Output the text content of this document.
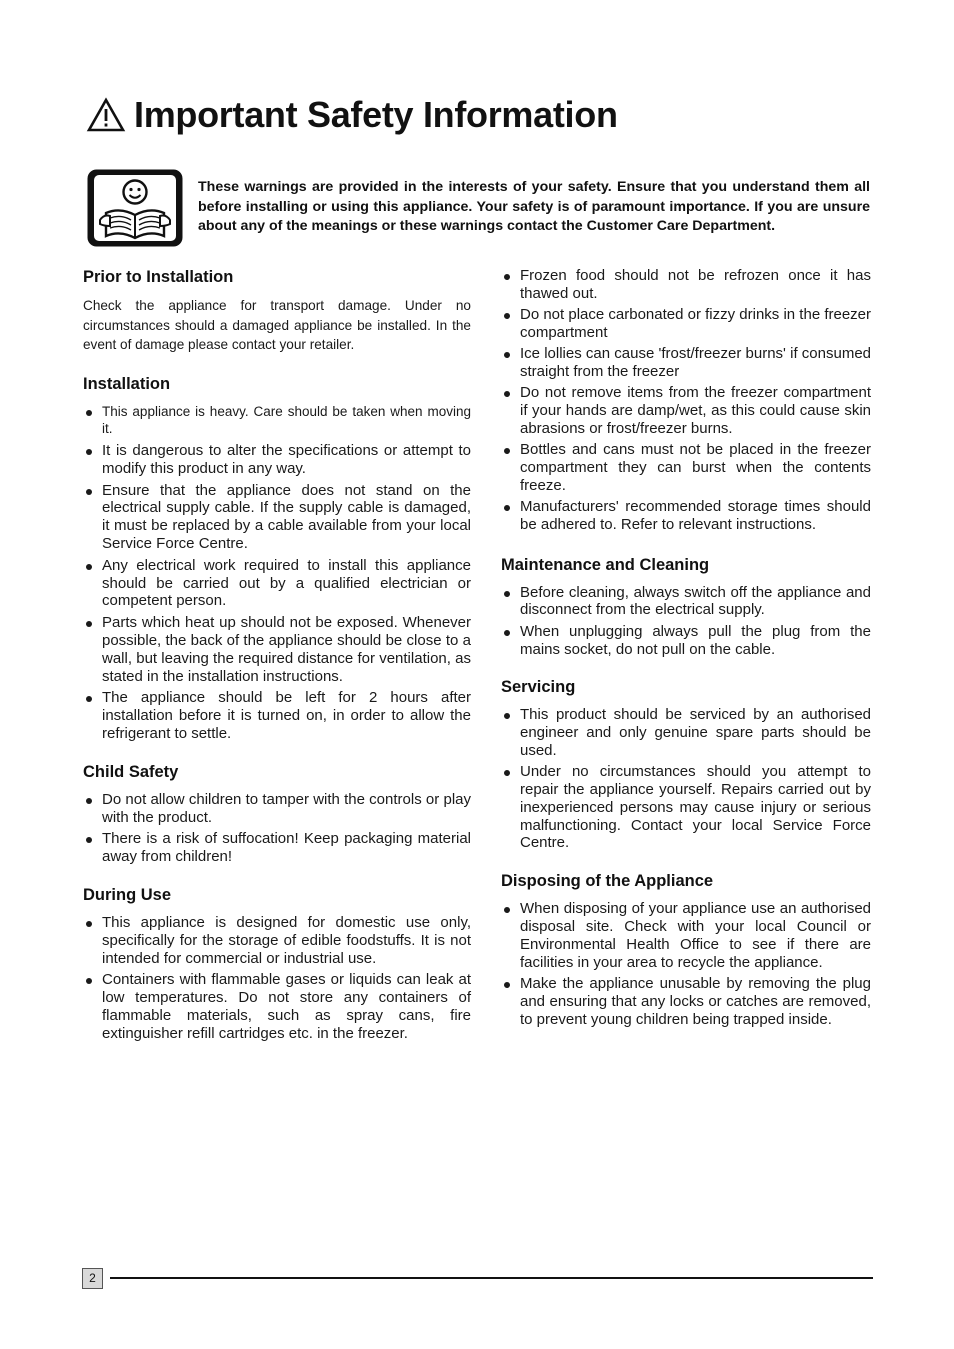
Important Safety Information
These warnings are provided in the interests of your safety. Ensure that you understand them all before installing or using this appliance. Your safety is of paramount importance. If you are unsure about any of the meanings or these warnings contact the Customer Care Department.
Prior to Installation

Check the appliance for transport damage. Under no circumstances should a damaged appliance be installed. In the event of damage please contact your retailer.

Installation
This appliance is heavy. Care should be taken when moving it.
It is dangerous to alter the specifications or attempt to modify this product in any way.
Ensure that the appliance does not stand on the electrical supply cable. If the supply cable is damaged, it must be replaced by a cable available from your local Service Force Centre.
Any electrical work required to install this appliance should be carried out by a qualified electrician or competent person.
Parts which heat up should not be exposed. Whenever possible, the back of the appliance should be close to a wall, but leaving the required distance for ventilation, as stated in the installation instructions.
The appliance should be left for 2 hours after installation before it is turned on, in order to allow the refrigerant to settle.
Child Safety
Do not allow children to tamper with the controls or play with the product.
There is a risk of suffocation! Keep packaging material away from children!
During Use
This appliance is designed for domestic use only, specifically for the storage of edible foodstuffs. It is not intended for commercial or industrial use.
Containers with flammable gases or liquids can leak at low temperatures. Do not store any containers of flammable materials, such as spray cans, fire extinguisher refill cartridges etc. in the freezer.
Frozen food should not be refrozen once it has thawed out.
Do not place carbonated or fizzy drinks in the freezer compartment
Ice lollies can cause 'frost/freezer burns' if consumed straight from the freezer
Do not remove items from the freezer compartment if your hands are damp/wet, as this could cause skin abrasions or frost/freezer burns.
Bottles and cans must not be placed in the freezer compartment they can burst when the contents freeze.
Manufacturers' recommended storage times should be adhered to. Refer to relevant instructions.
Maintenance and Cleaning
Before cleaning, always switch off the appliance and disconnect from the electrical supply.
When unplugging always pull the plug from the mains socket, do not pull on the cable.
Servicing
This product should be serviced by an authorised engineer and only genuine spare parts should be used.
Under no circumstances should you attempt to repair the appliance yourself. Repairs carried out by inexperienced persons may cause injury or serious malfunctioning. Contact your local Service Force Centre.
Disposing of the Appliance
When disposing of your appliance use an authorised disposal site. Check with your local Council or Environmental Health Office to see if there are facilities in your area to recycle the appliance.
Make the appliance unusable by removing the plug and ensuring that any locks or catches are removed, to prevent young children being trapped inside.
2
